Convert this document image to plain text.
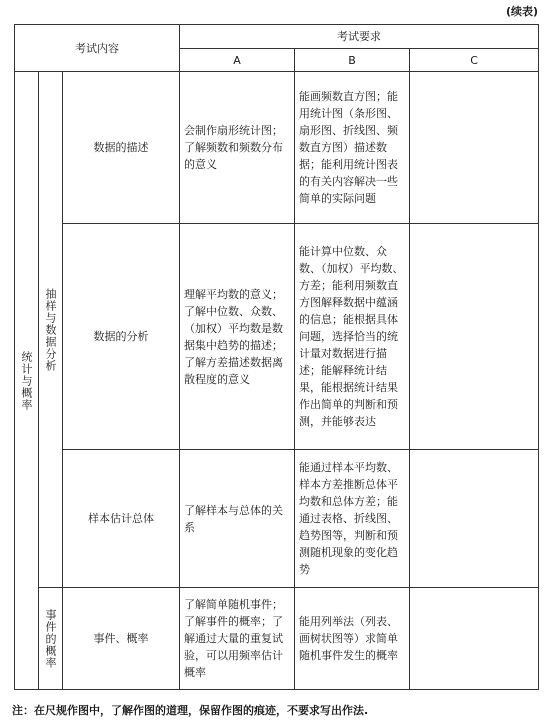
(续表)
考试内容			考试要求		
			A	B	C
统计与概率	抽样与数据分析	数据的描述	会制作扇形统计图；了解频数和频数分布的意义	能画频数直方图；能用统计图（条形图、扇形图、折线图、频数直方图）描述数据；能利用统计图表的有关内容解决一些简单的实际问题	
		数据的分析	理解平均数的意义；了解中位数、众数、（加权）平均数是数据集中趋势的描述；了解方差描述数据离散程度的意义	能计算中位数、众数、（加权）平均数、方差；能利用频数直方图解释数据中蕴涵的信息；能根据具体问题，选择恰当的统计量对数据进行描述；能解释统计结果，能根据统计结果作出简单的判断和预测，并能够表达	
		样本估计总体	了解样本与总体的关系	能通过样本平均数、样本方差推断总体平均数和总体方差；能通过表格、折线图、趋势图等，判断和预测随机现象的变化趋势	
	事件的概率	事件、概率	了解简单随机事件；了解事件的概率；了解通过大量的重复试验，可以用频率估计概率	能用列举法（列表、画树状图等）求简单随机事件发生的概率	
注：在尺规作图中，了解作图的道理，保留作图的痕迹，不要求写出作法.
